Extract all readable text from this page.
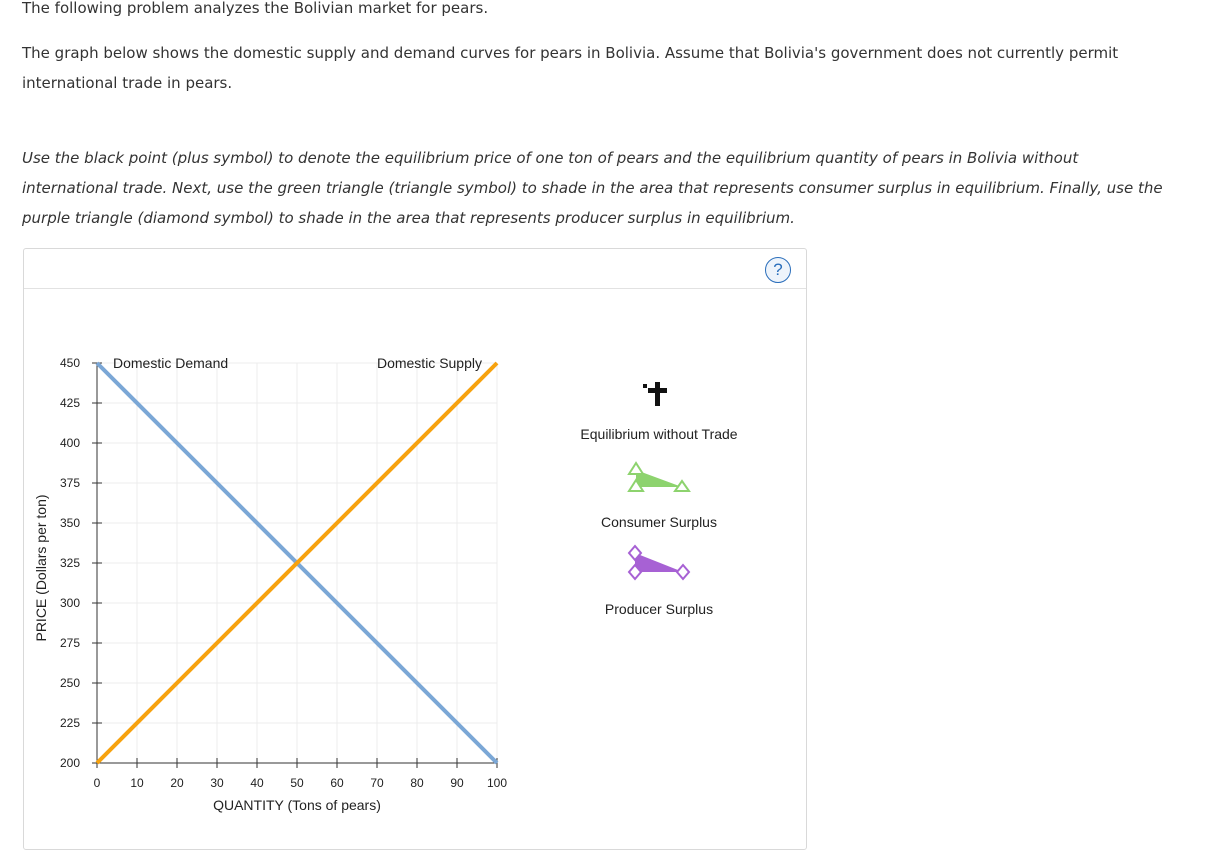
The following problem analyzes the Bolivian market for pears.

The graph below shows the domestic supply and demand curves for pears in Bolivia. Assume that Bolivia's government does not currently permit international trade in pears.

Use the black point (plus symbol) to denote the equilibrium price of one ton of pears and the equilibrium quantity of pears in Bolivia without international trade. Next, use the green triangle (triangle symbol) to shade in the area that represents consumer surplus in equilibrium. Finally, use the purple triangle (diamond symbol) to shade in the area that represents producer surplus in equilibrium.

?
200
225
250
275
300
325
350
375
400
425
450
0 10 20 30 40 50 60 70 80 90 100
Domestic Demand	Domestic Supply
QUANTITY (Tons of pears)
PRICE (Dollars per ton)
Equilibrium without Trade
Consumer Surplus
Producer Surplus
